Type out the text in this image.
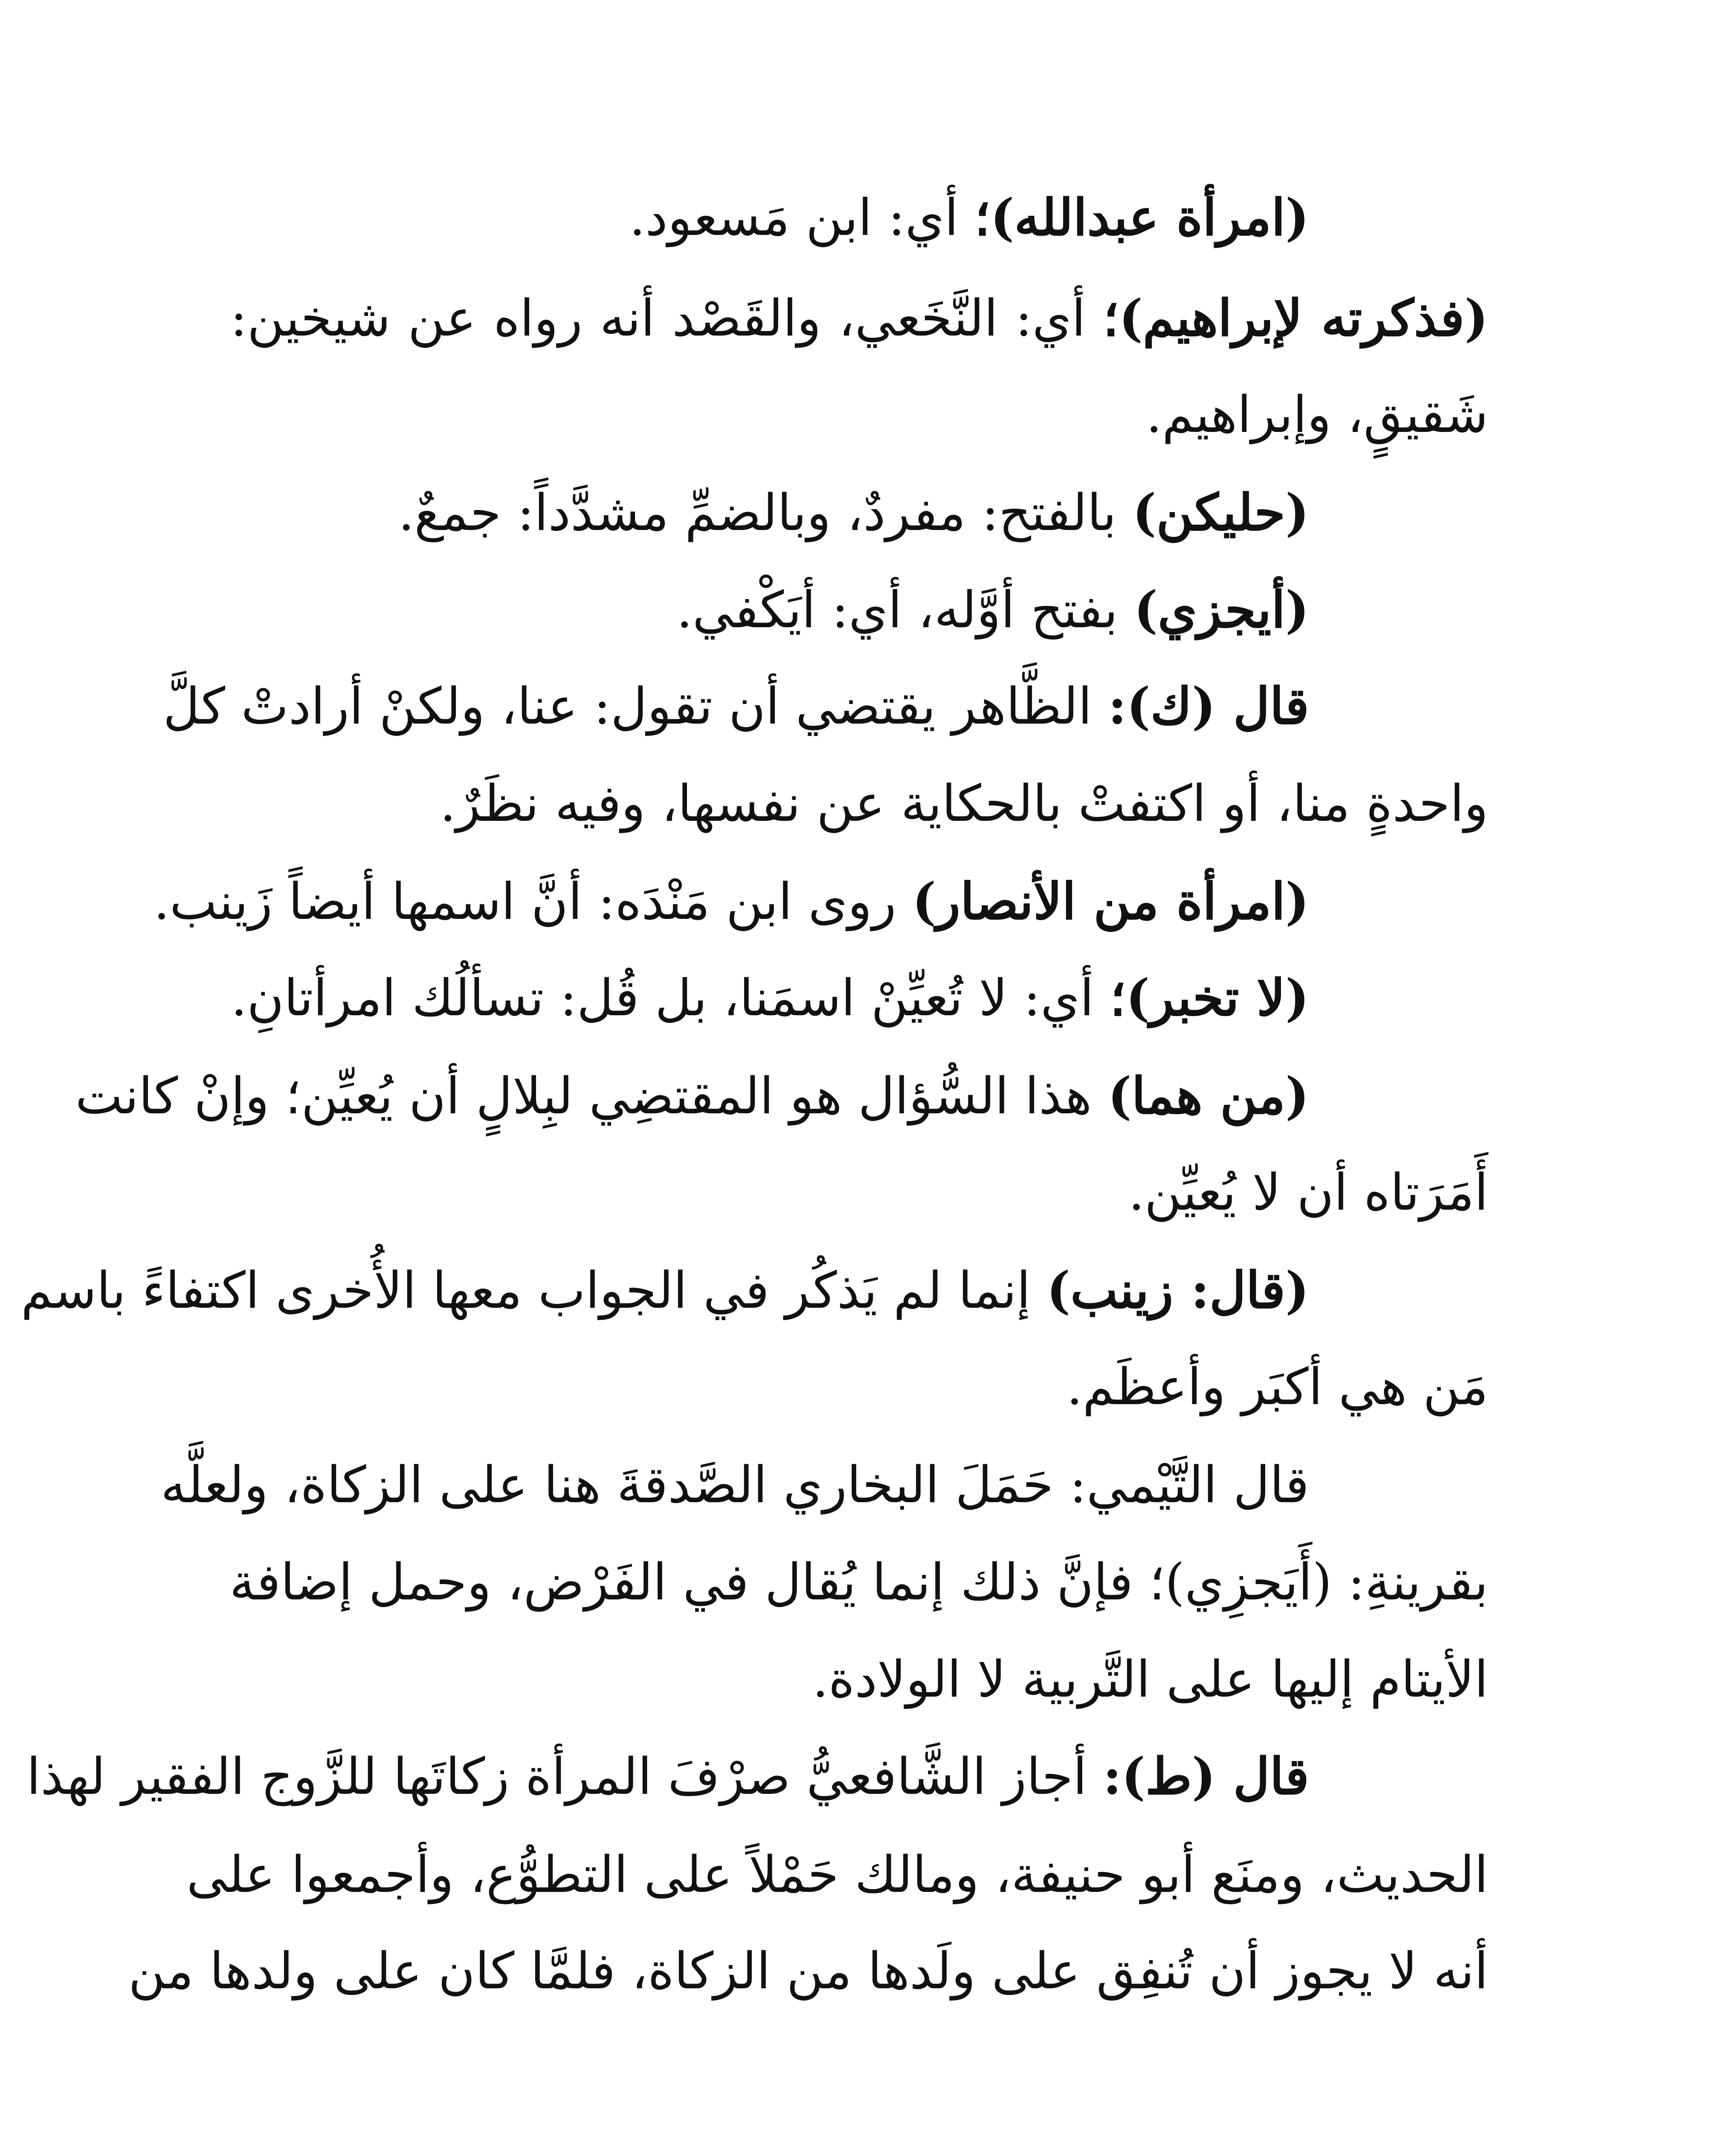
(امرأة عبدالله)؛ أي: ابن مَسعود.
(فذكرته لإبراهيم)؛ أي: النَّخَعي، والقَصْد أنه رواه عن شيخين:
شَقيقٍ، وإبراهيم.
(حليكن) بالفتح: مفردٌ، وبالضمِّ مشدَّداً: جمعٌ.
(أيجزي) بفتح أوَّله، أي: أيَكْفي.
قال (ك): الظَّاهر يقتضي أن تقول: عنا، ولكنْ أرادتْ كلَّ
واحدةٍ منا، أو اكتفتْ بالحكاية عن نفسها، وفيه نظَرٌ.
(امرأة من الأنصار) روى ابن مَنْدَه: أنَّ اسمها أيضاً زَينب.
(لا تخبر)؛ أي: لا تُعيِّنْ اسمَنا، بل قُل: تسألُك امرأتانِ.
(من هما) هذا السُّؤال هو المقتضِي لبِلالٍ أن يُعيِّن؛ وإنْ كانت
أَمَرَتاه أن لا يُعيِّن.
(قال: زينب) إنما لم يَذكُر في الجواب معها الأُخرى اكتفاءً باسم
مَن هي أكبَر وأعظَم.
قال التَّيْمي: حَمَلَ البخاري الصَّدقةَ هنا على الزكاة، ولعلَّه
بقرينةِ: (أَيَجزِي)؛ فإنَّ ذلك إنما يُقال في الفَرْض، وحمل إضافة
الأيتام إليها على التَّربية لا الولادة.
قال (ط): أجاز الشَّافعيُّ صرْفَ المرأة زكاتَها للزَّوج الفقير لهذا
الحديث، ومنَع أبو حنيفة، ومالك حَمْلاً على التطوُّع، وأجمعوا على
أنه لا يجوز أن تُنفِق على ولَدها من الزكاة، فلمَّا كان على ولدها من
